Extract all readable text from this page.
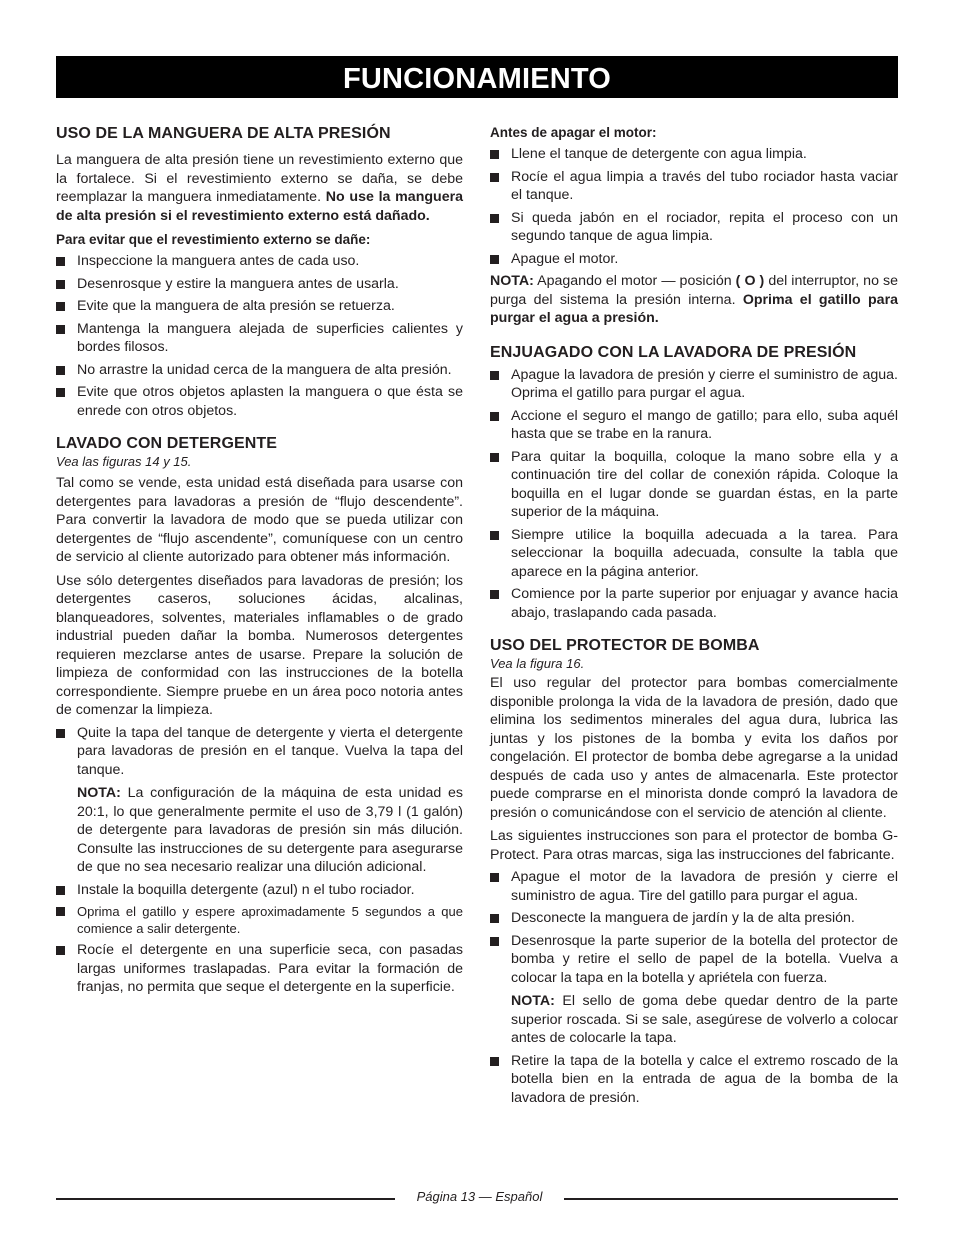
FUNCIONAMIENTO
USO DE LA MANGUERA DE ALTA PRESIÓN

La manguera de alta presión tiene un revestimiento externo que la fortalece. Si el revestimiento externo se daña, se debe reemplazar la manguera inmediatamente. No use la manguera de alta presión si el revestimiento externo está dañado.

Para evitar que el revestimiento externo se dañe:

Inspeccione la manguera antes de cada uso.
Desenrosque y estire la manguera antes de usarla.
Evite que la manguera de alta presión se retuerza.
Mantenga la manguera alejada de superficies calientes y bordes filosos.
No arrastre la unidad cerca de la manguera de alta presión.
Evite que otros objetos aplasten la manguera o que ésta se enrede con otros objetos.
LAVADO CON DETERGENTE

Vea las figuras 14 y 15.

Tal como se vende, esta unidad está diseñada para usarse con detergentes para lavadoras a presión de “flujo descendente”. Para convertir la lavadora de modo que se pueda utilizar con detergentes de “flujo ascendente”, comuníquese con un centro de servicio al cliente autorizado para obtener más información.

Use sólo detergentes diseñados para lavadoras de presión; los detergentes caseros, soluciones ácidas, alcalinas, blanqueadores, solventes, materiales inflamables o de grado industrial pueden dañar la bomba. Numerosos detergentes requieren mezclarse antes de usarse. Prepare la solución de limpieza de conformidad con las instrucciones de la botella correspondiente. Siempre pruebe en un área poco notoria antes de comenzar la limpieza.

Quite la tapa del tanque de detergente y vierta el detergente para lavadoras de presión en el tanque. Vuelva la tapa del tanque.

NOTA: La configuración de la máquina de esta unidad es 20:1, lo que generalmente permite el uso de 3,79 l (1 galón) de detergente para lavadoras de presión sin más dilución. Consulte las instrucciones de su detergente para asegurarse de que no sea necesario realizar una dilución adicional.

Instale la boquilla detergente (azul) n el tubo rociador.
Oprima el gatillo y espere aproximadamente 5 segundos a que comience a salir detergente.
Rocíe el detergente en una superficie seca, con pasadas largas uniformes traslapadas. Para evitar la formación de franjas, no permita que seque el detergente en la superficie.

Antes de apagar el motor:

Llene el tanque de detergente con agua limpia.
Rocíe el agua limpia a través del tubo rociador hasta vaciar el tanque.
Si queda jabón en el rociador, repita el proceso con un segundo tanque de agua limpia.
Apague el motor.

NOTA: Apagando el motor — posición ( O ) del interruptor, no se purga del sistema la presión interna. Oprima el gatillo para purgar el agua a presión.

ENJUAGADO CON LA LAVADORA DE PRESIÓN
Apague la lavadora de presión y cierre el suministro de agua. Oprima el gatillo para purgar el agua.
Accione el seguro el mango de gatillo; para ello, suba aquél hasta que se trabe en la ranura.
Para quitar la boquilla, coloque la mano sobre ella y a continuación tire del collar de conexión rápida. Coloque la boquilla en el lugar donde se guardan éstas, en la parte superior de la máquina.
Siempre utilice la boquilla adecuada a la tarea. Para seleccionar la boquilla adecuada, consulte la tabla que aparece en la página anterior.
Comience por la parte superior por enjuagar y avance hacia abajo, traslapando cada pasada.
USO DEL PROTECTOR DE BOMBA

Vea la figura 16.

El uso regular del protector para bombas comercialmente disponible prolonga la vida de la lavadora de presión, dado que elimina los sedimentos minerales del agua dura, lubrica las juntas y los pistones de la bomba y evita los daños por congelación. El protector de bomba debe agregarse a la unidad después de cada uso y antes de almacenarla. Este protector puede comprarse en el minorista donde compró la lavadora de presión o comunicándose con el servicio de atención al cliente.

Las siguientes instrucciones son para el protector de bomba G-Protect. Para otras marcas, siga las instrucciones del fabricante.

Apague el motor de la lavadora de presión y cierre el suministro de agua. Tire del gatillo para purgar el agua.
Desconecte la manguera de jardín y la de alta presión.
Desenrosque la parte superior de la botella del protector de bomba y retire el sello de papel de la botella. Vuelva a colocar la tapa en la botella y apriétela con fuerza.

NOTA: El sello de goma debe quedar dentro de la parte superior roscada. Si se sale, asegúrese de volverlo a colocar antes de colocarle la tapa.

Retire la tapa de la botella y calce el extremo roscado de la botella bien en la entrada de agua de la bomba de la lavadora de presión.
Página 13 — Español
